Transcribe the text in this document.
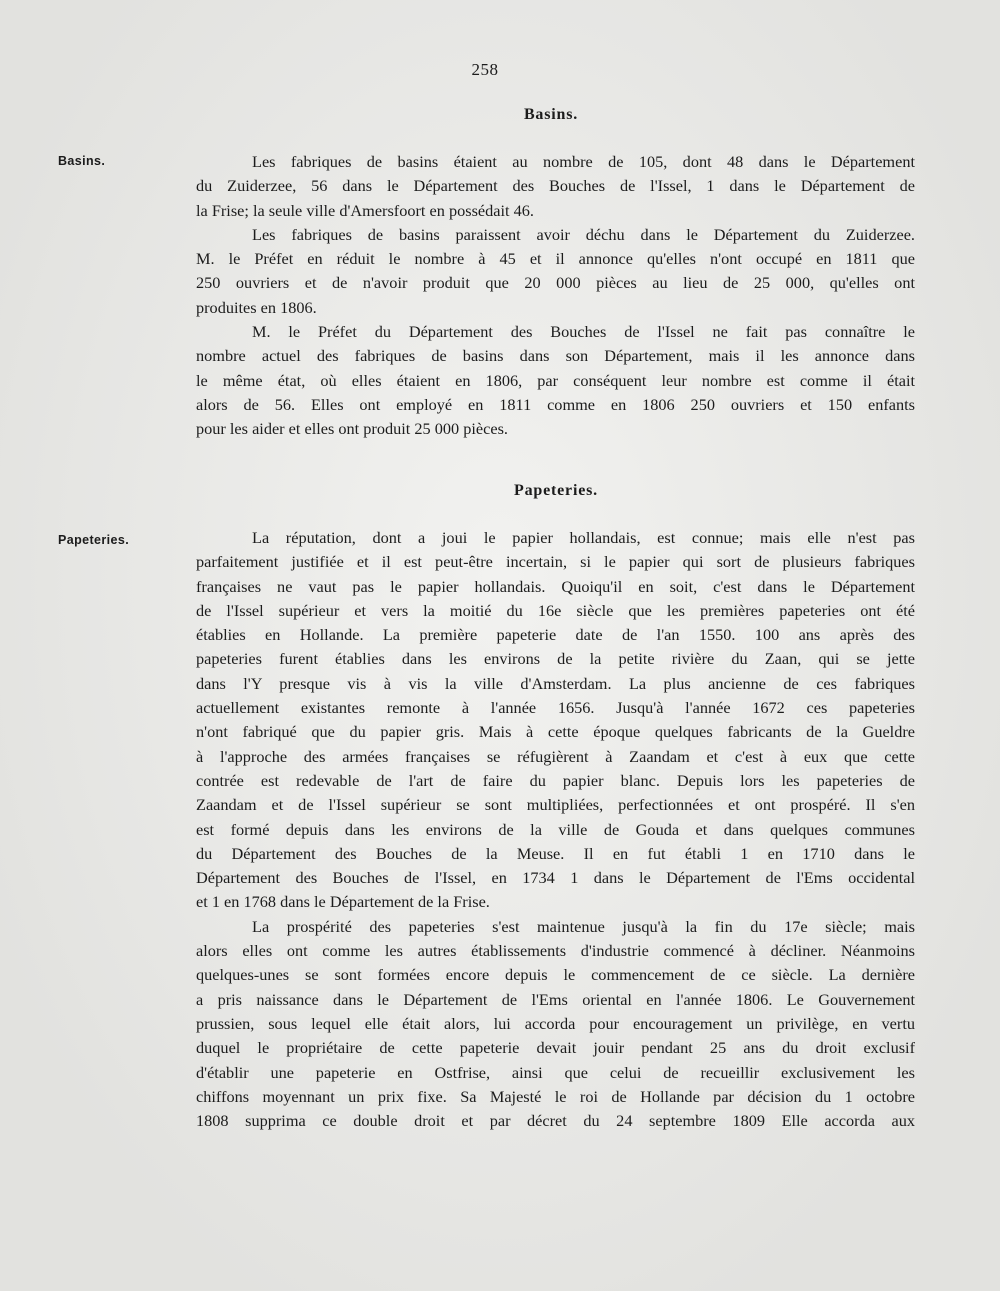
258
Basins.
Basins.	Les fabriques de basins étaient au nombre de 105, dont 48 dans le Département
du Zuiderzee, 56 dans le Département des Bouches de l'Issel, 1 dans le Département de
la Frise; la seule ville d'Amersfoort en possédait 46.
Les fabriques de basins paraissent avoir déchu dans le Département du Zuiderzee.
M. le Préfet en réduit le nombre à 45 et il annonce qu'elles n'ont occupé en 1811 que
250 ouvriers et de n'avoir produit que 20 000 pièces au lieu de 25 000, qu'elles ont
produites en 1806.
M. le Préfet du Département des Bouches de l'Issel ne fait pas connaître le
nombre actuel des fabriques de basins dans son Département, mais il les annonce dans
le même état, où elles étaient en 1806, par conséquent leur nombre est comme il était
alors de 56. Elles ont employé en 1811 comme en 1806 250 ouvriers et 150 enfants
pour les aider et elles ont produit 25 000 pièces.
Papeteries.
Papeteries.	La réputation, dont a joui le papier hollandais, est connue; mais elle n'est pas
parfaitement justifiée et il est peut-être incertain, si le papier qui sort de plusieurs fabriques
françaises ne vaut pas le papier hollandais. Quoiqu'il en soit, c'est dans le Département
de l'Issel supérieur et vers la moitié du 16e siècle que les premières papeteries ont été
établies en Hollande. La première papeterie date de l'an 1550. 100 ans après des
papeteries furent établies dans les environs de la petite rivière du Zaan, qui se jette
dans l'Y presque vis à vis la ville d'Amsterdam. La plus ancienne de ces fabriques
actuellement existantes remonte à l'année 1656. Jusqu'à l'année 1672 ces papeteries
n'ont fabriqué que du papier gris. Mais à cette époque quelques fabricants de la Gueldre
à l'approche des armées françaises se réfugièrent à Zaandam et c'est à eux que cette
contrée est redevable de l'art de faire du papier blanc. Depuis lors les papeteries de
Zaandam et de l'Issel supérieur se sont multipliées, perfectionnées et ont prospéré. Il s'en
est formé depuis dans les environs de la ville de Gouda et dans quelques communes
du Département des Bouches de la Meuse. Il en fut établi 1 en 1710 dans le
Département des Bouches de l'Issel, en 1734 1 dans le Département de l'Ems occidental
et 1 en 1768 dans le Département de la Frise.
La prospérité des papeteries s'est maintenue jusqu'à la fin du 17e siècle; mais
alors elles ont comme les autres établissements d'industrie commencé à décliner. Néanmoins
quelques-unes se sont formées encore depuis le commencement de ce siècle. La dernière
a pris naissance dans le Département de l'Ems oriental en l'année 1806. Le Gouvernement
prussien, sous lequel elle était alors, lui accorda pour encouragement un privilège, en vertu
duquel le propriétaire de cette papeterie devait jouir pendant 25 ans du droit exclusif
d'établir une papeterie en Ostfrise, ainsi que celui de recueillir exclusivement les
chiffons moyennant un prix fixe. Sa Majesté le roi de Hollande par décision du 1 octobre
1808 supprima ce double droit et par décret du 24 septembre 1809 Elle accorda aux
